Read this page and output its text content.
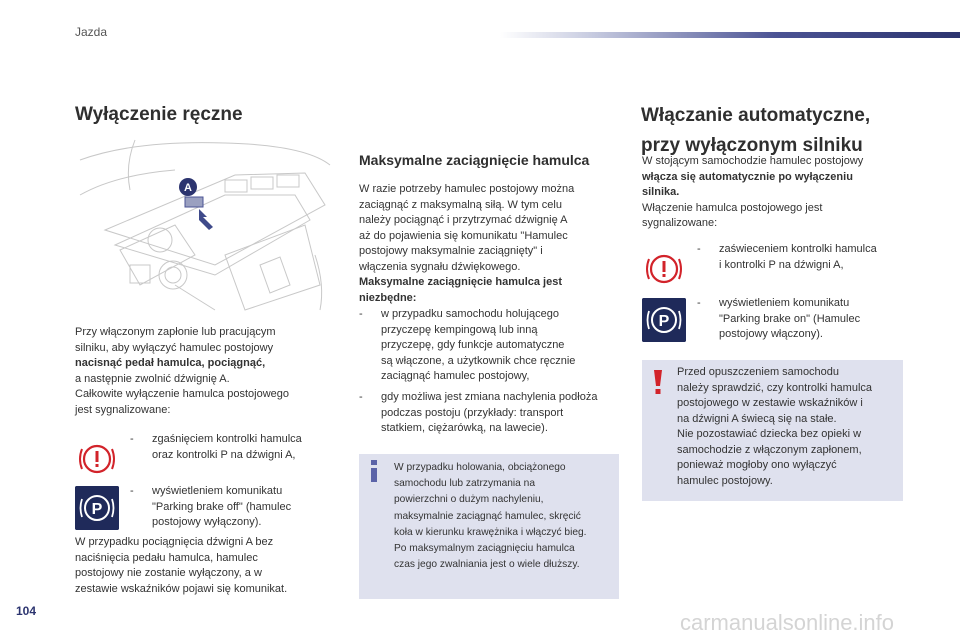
Jazda
Wyłączenie ręczne
A
Przy włączonym zapłonie lub pracującym
silniku, aby wyłączyć hamulec postojowy
nacisnąć pedał hamulca, pociągnąć,
a następnie zwolnić dźwignię A.
Całkowite wyłączenie hamulca postojowego
jest sygnalizowane:
- zgaśnięciem kontrolki hamulca
oraz kontrolki P na dźwigni A,
P
- wyświetleniem komunikatu
"Parking brake off" (hamulec
postojowy wyłączony).
W przypadku pociągnięcia dźwigni A bez
naciśnięcia pedału hamulca, hamulec
postojowy nie zostanie wyłączony, a w
zestawie wskaźników pojawi się komunikat.
Maksymalne zaciągnięcie hamulca
W razie potrzeby hamulec postojowy można
zaciągnąć z maksymalną siłą. W tym celu
należy pociągnąć i przytrzymać dźwignię A
aż do pojawienia się komunikatu "Hamulec
postojowy maksymalnie zaciągnięty" i
włączenia sygnału dźwiękowego.
Maksymalne zaciągnięcie hamulca jest
niezbędne:
- w przypadku samochodu holującego
przyczepę kempingową lub inną
przyczepę, gdy funkcje automatyczne
są włączone, a użytkownik chce ręcznie
zaciągnąć hamulec postojowy,
- gdy możliwa jest zmiana nachylenia podłoża
podczas postoju (przykłady: transport
statkiem, ciężarówką, na lawecie).
W przypadku holowania, obciążonego
samochodu lub zatrzymania na
powierzchni o dużym nachyleniu,
maksymalnie zaciągnąć hamulec, skręcić
koła w kierunku krawężnika i włączyć bieg.
Po maksymalnym zaciągnięciu hamulca
czas jego zwalniania jest o wiele dłuższy.
Włączanie automatyczne,
przy wyłączonym silniku
W stojącym samochodzie hamulec postojowy
włącza się automatycznie po wyłączeniu
silnika.
Włączenie hamulca postojowego jest
sygnalizowane:
- zaświeceniem kontrolki hamulca
i kontrolki P na dźwigni A,
P
- wyświetleniem komunikatu
"Parking brake on" (Hamulec
postojowy włączony).
Przed opuszczeniem samochodu
należy sprawdzić, czy kontrolki hamulca
postojowego w zestawie wskaźników i
na dźwigni A świecą się na stałe.
Nie pozostawiać dziecka bez opieki w
samochodzie z włączonym zapłonem,
ponieważ mogłoby ono wyłączyć
hamulec postojowy.
104	carmanualsonline.info
